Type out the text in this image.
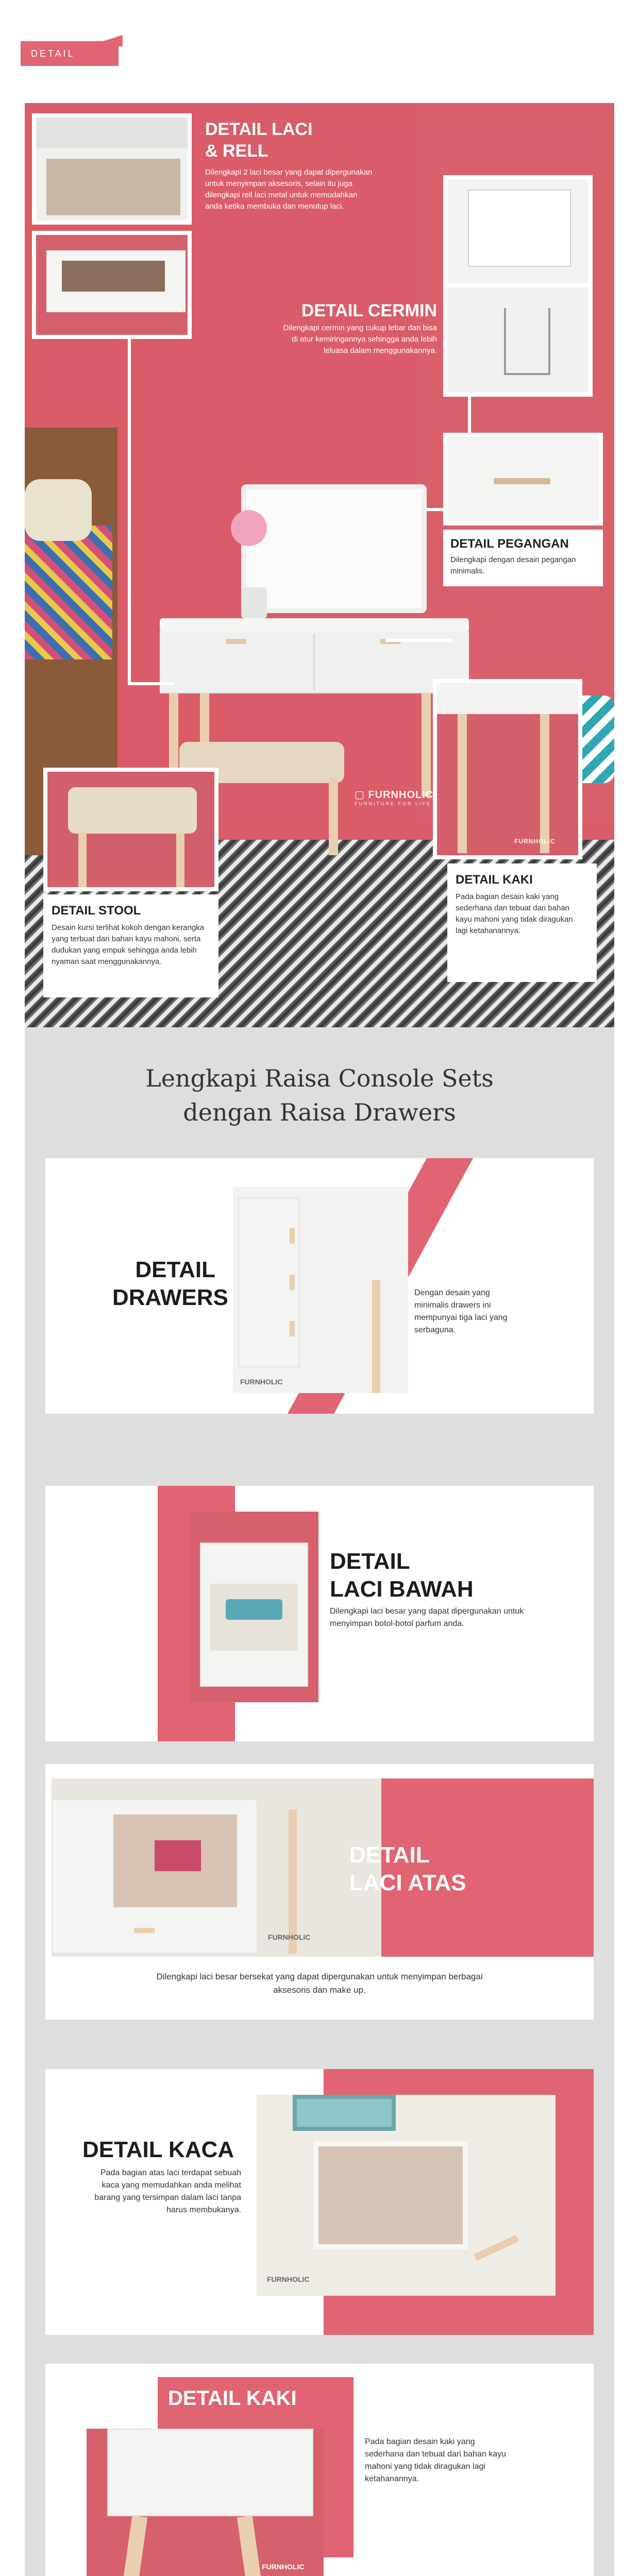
DETAIL
DETAIL LACI
& RELL
Dilengkapi 2 laci besar yang dapat dipergunakan untuk menyimpan aksesoris, selain itu juga dilengkapi rell laci metal untuk memudahkan anda ketika membuka dan menutup laci.
DETAIL CERMIN
Dilengkapi cermin yang cukup lebar dan bisa di atur kemiringannya sehingga anda lebih leluasa dalam menggunakannya.
DETAIL PEGANGAN
Dilengkapi dengan desain pegangan minimalis.
DETAIL STOOL
Desain kursi terlihat kokoh dengan kerangka yang terbuat dari bahan kayu mahoni, serta dudukan yang empuk sehingga anda lebih nyaman saat menggunakannya.
FURNHOLIC
DETAIL KAKI
Pada bagian desain kaki yang sederhana dan tebuat dari bahan kayu mahoni yang tidak diragukan lagi ketahanannya.
▢ FURNHOLIC
FURNITURE FOR LIFE
Lengkapi Raisa Console Sets
dengan Raisa Drawers
FURNHOLIC
DETAIL
DRAWERS	Dengan desain yang minimalis drawers ini mempunyai tiga laci yang serbaguna.
DETAIL
LACI BAWAH
Dilengkapi laci besar yang dapat dipergunakan untuk menyimpan botol-botol parfum anda.
FURNHOLIC
DETAIL
LACI ATAS
Dilengkapi laci besar bersekat yang dapat dipergunakan untuk menyimpan berbagai aksesoris dan make up.
FURNHOLIC
DETAIL KACA
Pada bagian atas laci terdapat sebuah kaca yang memudahkan anda melihat barang yang tersimpan dalam laci tanpa harus membukanya.
DETAIL KAKI
FURNHOLIC
Pada bagian desain kaki yang sederhana dan tebuat dari bahan kayu mahoni yang tidak diragukan lagi ketahanannya.
